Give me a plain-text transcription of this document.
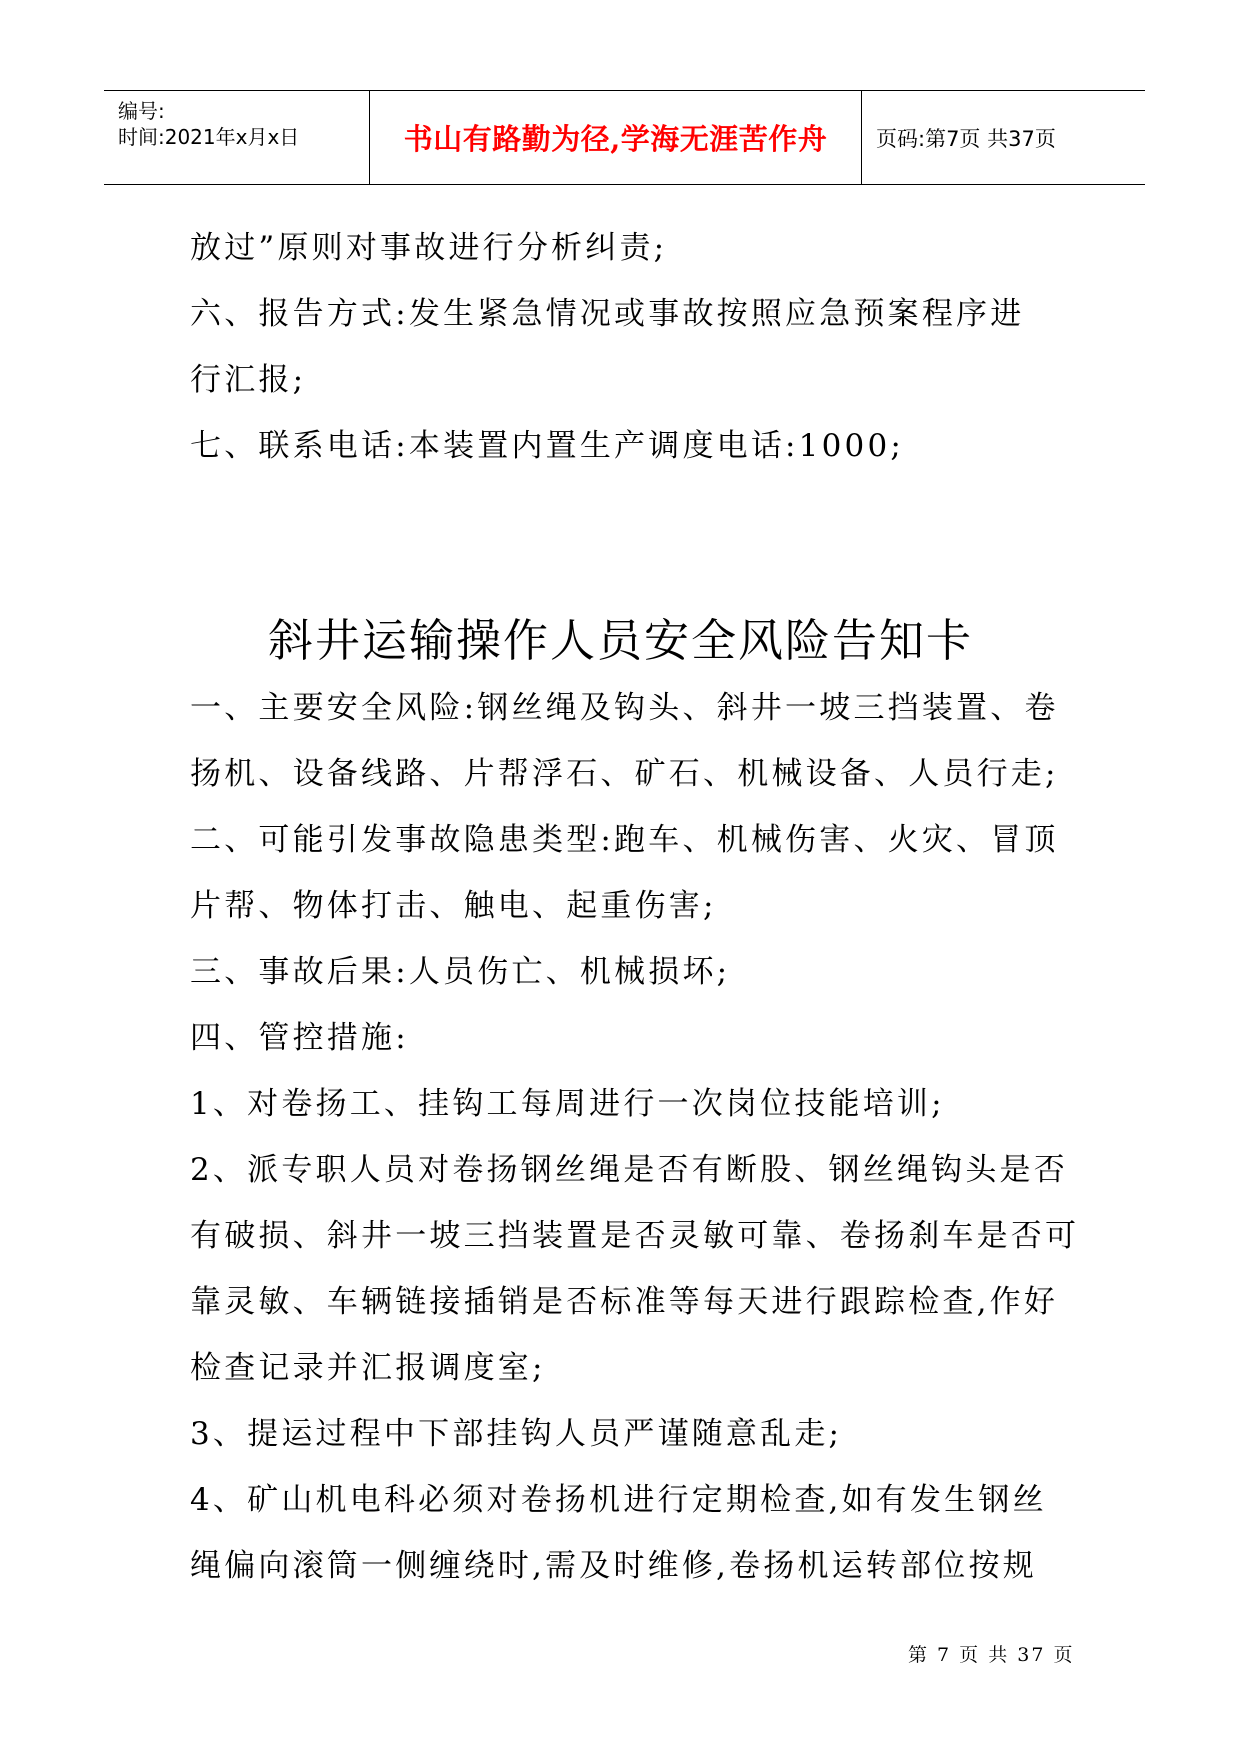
编号:
时间:2021年x月x日	书山有路勤为径,学海无涯苦作舟	页码:第7页 共37页
放过”原则对事故进行分析纠责;
六、报告方式:发生紧急情况或事故按照应急预案程序进
行汇报;
七、联系电话:本装置内置生产调度电话:1000;
斜井运输操作人员安全风险告知卡
一、主要安全风险:钢丝绳及钩头、斜井一坡三挡装置、卷
扬机、设备线路、片帮浮石、矿石、机械设备、人员行走;
二、可能引发事故隐患类型:跑车、机械伤害、火灾、冒顶
片帮、物体打击、触电、起重伤害;
三、事故后果:人员伤亡、机械损坏;
四、管控措施:
1、对卷扬工、挂钩工每周进行一次岗位技能培训;
2、派专职人员对卷扬钢丝绳是否有断股、钢丝绳钩头是否
有破损、斜井一坡三挡装置是否灵敏可靠、卷扬刹车是否可
靠灵敏、车辆链接插销是否标准等每天进行跟踪检查,作好
检查记录并汇报调度室;
3、提运过程中下部挂钩人员严谨随意乱走;
4、矿山机电科必须对卷扬机进行定期检查,如有发生钢丝
绳偏向滚筒一侧缠绕时,需及时维修,卷扬机运转部位按规
第 7 页 共 37 页
